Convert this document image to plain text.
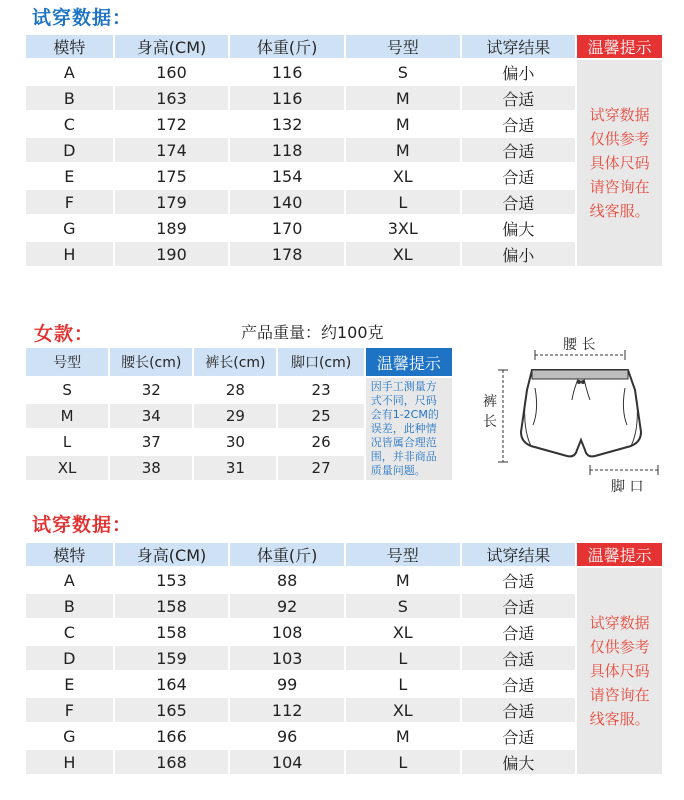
试穿数据：
模特	身高(CM)	体重(斤)	号型	试穿结果	温馨提示
A	160	116	S	偏小	试穿数据仅供参考具体尺码请咨询在线客服。
B	163	116	M	合适	
C	172	132	M	合适	
D	174	118	M	合适	
E	175	154	XL	合适	
F	179	140	L	合适	
G	189	170	3XL	偏大	
H	190	178	XL	偏小	
女款：	产品重量：约100克
号型	腰长(cm)	裤长(cm)	脚口(cm)	温馨提示
S	32	28	23	因手工测量方式不同，尺码会有1-2CM的误差，此种情况皆属合理范围，并非商品质量问题。
M	34	29	25	
L	37	30	26	
XL	38	31	27	
腰 长
裤长
脚 口
试穿数据：
模特	身高(CM)	体重(斤)	号型	试穿结果	温馨提示
A	153	88	M	合适	试穿数据仅供参考具体尺码请咨询在线客服。
B	158	92	S	合适	
C	158	108	XL	合适	
D	159	103	L	合适	
E	164	99	L	合适	
F	165	112	XL	合适	
G	166	96	M	合适	
H	168	104	L	偏大	
